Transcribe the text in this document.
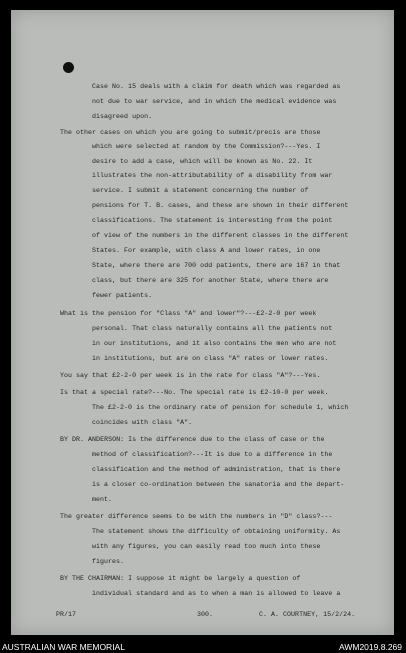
Case No. 15 deals with a claim for death which was regarded as
not due to war service, and in which the medical evidence was
disagreed upon.
The other cases on which you are going to submit/precis are those
which were selected at random by the Commission?---Yes. I
desire to add a case, which will be known as No. 22. It
illustrates the non-attributability of a disability from war
service. I submit a statement concerning the number of
pensions for T. B. cases, and these are shown in their different
classifications. The statement is interesting from the point
of view of the numbers in the different classes in the different
States. For example, with class A and lower rates, in one
State, where there are 700 odd patients, there are 167 in that
class, but there are 325 for another State, where there are
fewer patients.
What is the pension for "Class "A" and lower"?---£2-2-0 per week
personal. That class naturally contains all the patients not
in our institutions, and it also contains the men who are not
in institutions, but are on class "A" rates or lower rates.
You say that £2-2-0 per week is in the rate for class "A"?---Yes.
Is that a special rate?---No. The special rate is £2-10-0 per week.
The £2-2-0 is the ordinary rate of pension for schedule 1, which
coincides with class "A".
BY DR. ANDERSON: Is the difference due to the class of case or the
method of classification?---It is due to a difference in the
classification and the method of administration, that is there
is a closer co-ordination between the sanatoria and the depart-
ment.
The greater difference seems to be with the numbers in "D" class?---
The statement shows the difficulty of obtaining uniformity. As
with any figures, you can easily read too much into these
figures.
BY THE CHAIRMAN: I suppose it might be largely a question of
individual standard and as to when a man is allowed to leave a
PR/17	300.	C. A. COURTNEY, 15/2/24.
AUSTRALIAN WAR MEMORIAL	AWM2019.8.269
